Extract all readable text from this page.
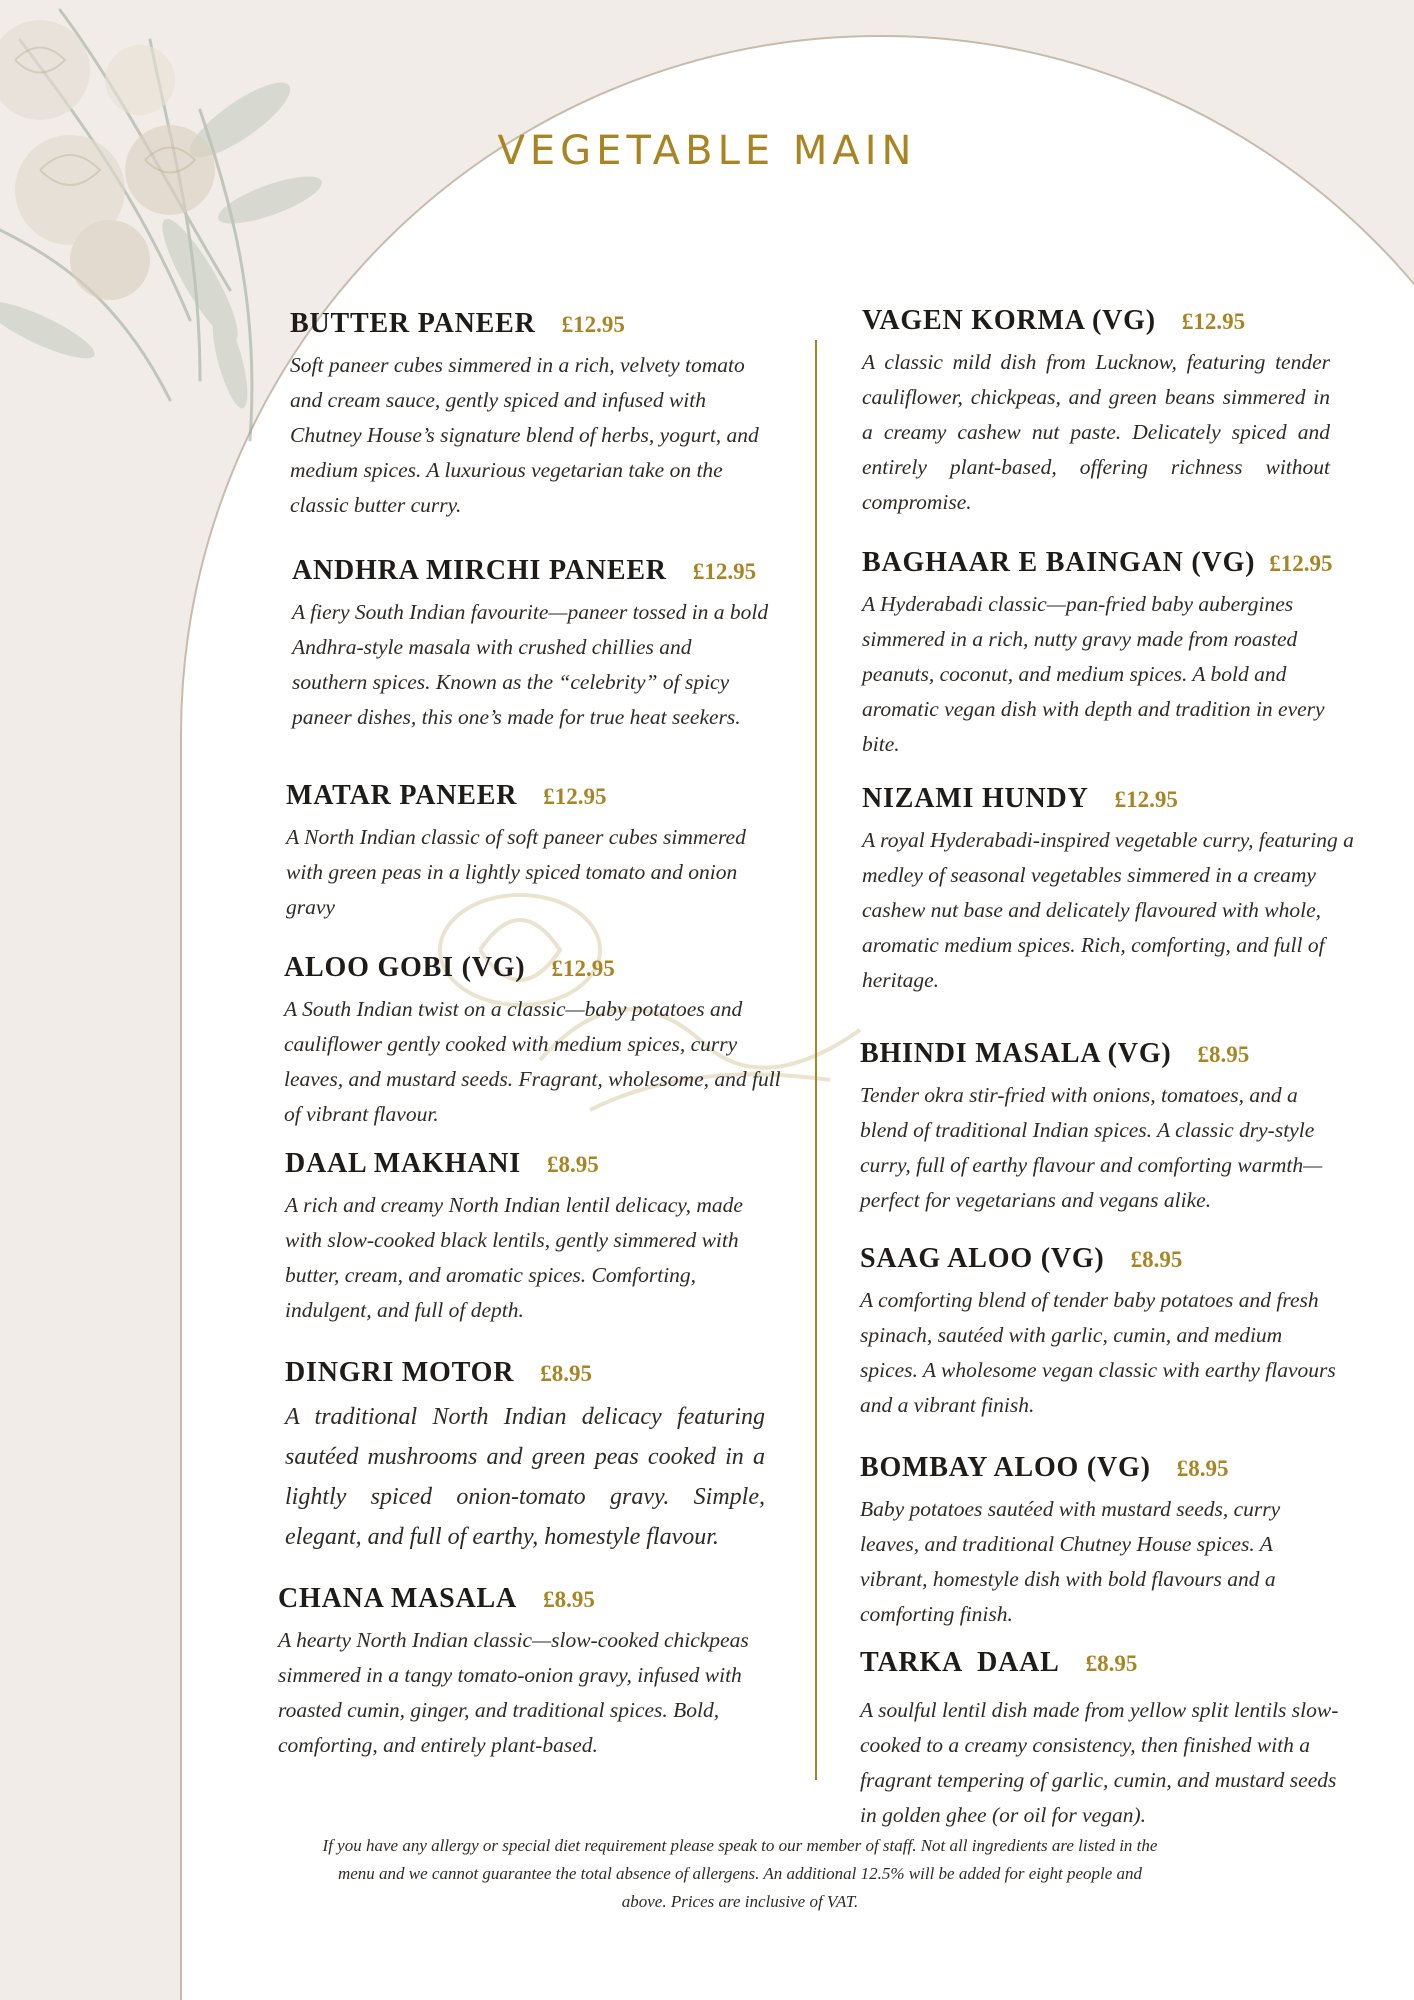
VEGETABLE MAIN
BUTTER PANEER £12.95

Soft paneer cubes simmered in a rich, velvety tomato and cream sauce, gently spiced and infused with Chutney House’s signature blend of herbs, yogurt, and medium spices. A luxurious vegetarian take on the classic butter curry.

ANDHRA MIRCHI PANEER £12.95

A fiery South Indian favourite—paneer tossed in a bold Andhra-style masala with crushed chillies and southern spices. Known as the “celebrity” of spicy paneer dishes, this one’s made for true heat seekers.

MATAR PANEER £12.95

A North Indian classic of soft paneer cubes simmered with green peas in a lightly spiced tomato and onion gravy

ALOO GOBI (VG) £12.95

A South Indian twist on a classic—baby potatoes and cauliflower gently cooked with medium spices, curry leaves, and mustard seeds. Fragrant, wholesome, and full of vibrant flavour.

DAAL MAKHANI £8.95

A rich and creamy North Indian lentil delicacy, made with slow-cooked black lentils, gently simmered with butter, cream, and aromatic spices. Comforting, indulgent, and full of depth.

DINGRI MOTOR £8.95

A traditional North Indian delicacy featuring sautéed mushrooms and green peas cooked in a lightly spiced onion-tomato gravy. Simple, elegant, and full of earthy, homestyle flavour.

CHANA MASALA £8.95

A hearty North Indian classic—slow-cooked chickpeas simmered in a tangy tomato-onion gravy, infused with roasted cumin, ginger, and traditional spices. Bold, comforting, and entirely plant-based.

VAGEN KORMA (VG) £12.95

A classic mild dish from Lucknow, featuring tender cauliflower, chickpeas, and green beans simmered in a creamy cashew nut paste. Delicately spiced and entirely plant-based, offering richness without compromise.

BAGHAAR E BAINGAN (VG) £12.95

A Hyderabadi classic—pan-fried baby aubergines simmered in a rich, nutty gravy made from roasted peanuts, coconut, and medium spices. A bold and aromatic vegan dish with depth and tradition in every bite.

NIZAMI HUNDY £12.95

A royal Hyderabadi-inspired vegetable curry, featuring a medley of seasonal vegetables simmered in a creamy cashew nut base and delicately flavoured with whole, aromatic medium spices. Rich, comforting, and full of heritage.

BHINDI MASALA (VG) £8.95

Tender okra stir-fried with onions, tomatoes, and a blend of traditional Indian spices. A classic dry-style curry, full of earthy flavour and comforting warmth—perfect for vegetarians and vegans alike.

SAAG ALOO (VG) £8.95

A comforting blend of tender baby potatoes and fresh spinach, sautéed with garlic, cumin, and medium spices. A wholesome vegan classic with earthy flavours and a vibrant finish.

BOMBAY ALOO (VG) £8.95

Baby potatoes sautéed with mustard seeds, curry leaves, and traditional Chutney House spices. A vibrant, homestyle dish with bold flavours and a comforting finish.

TARKA  DAAL £8.95

A soulful lentil dish made from yellow split lentils slow-cooked to a creamy consistency, then finished with a fragrant tempering of garlic, cumin, and mustard seeds in golden ghee (or oil for vegan).

If you have any allergy or special diet requirement please speak to our member of staff. Not all ingredients are listed in the menu and we cannot guarantee the total absence of allergens. An additional 12.5% will be added for eight people and above. Prices are inclusive of VAT.
